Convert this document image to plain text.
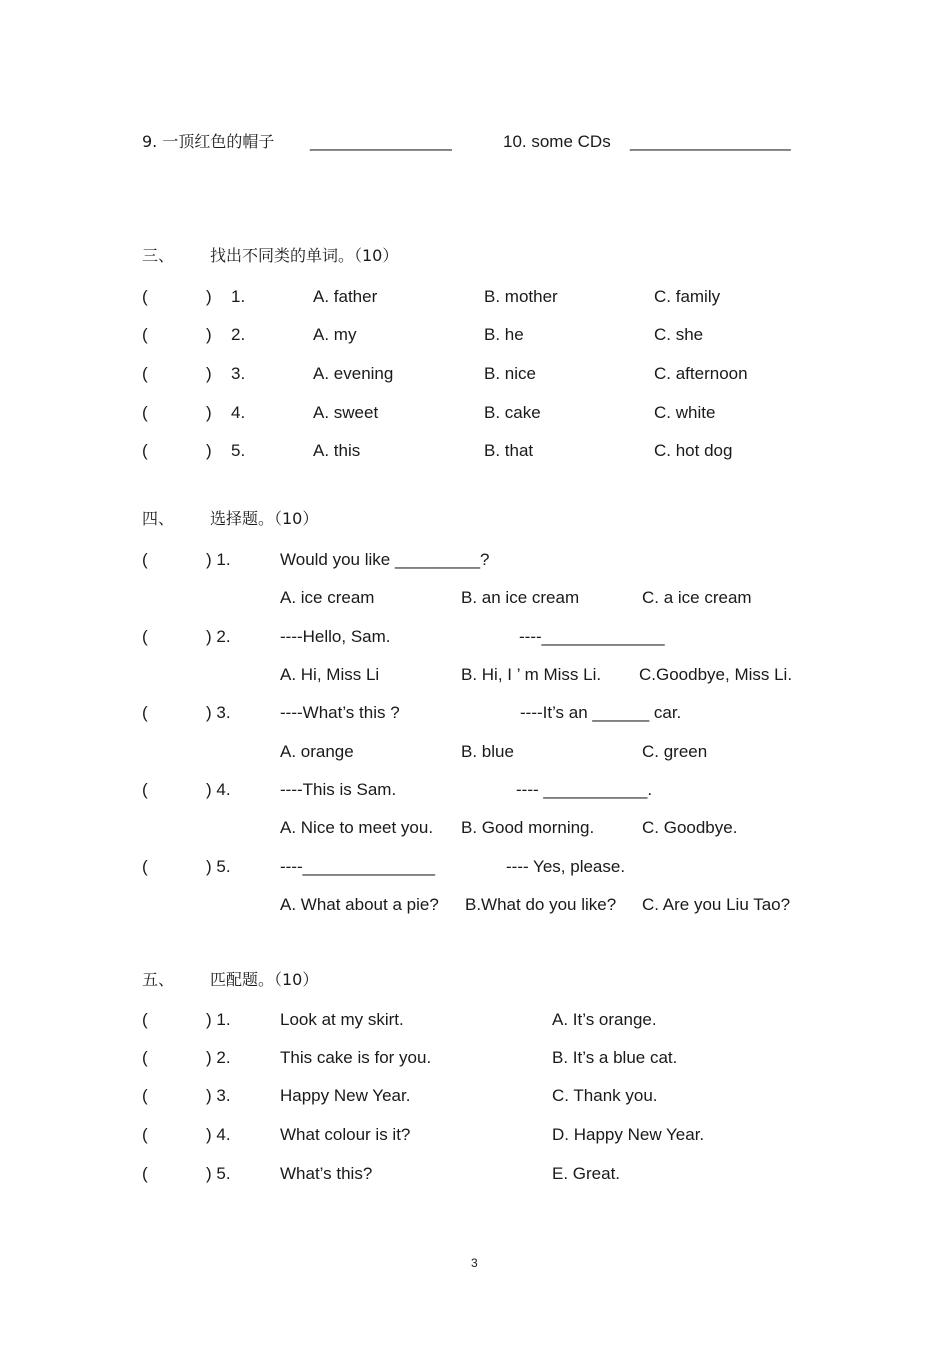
9. 一顶红色的帽子 _______________	10. some CDs _________________
三、 找出不同类的单词。（10）
(	) 1.	A. father	B. mother	C. family
(	) 2.	A. my	B. he	C. she
(	) 3.	A. evening	B. nice	C. afternoon
(	) 4.	A. sweet	B. cake	C. white
(	) 5.	A. this	B. that	C. hot dog
四、 选择题。（10）
(	) 1.	Would you like _________?
A. ice cream	B. an ice cream	C. a ice cream
(	) 2.	----Hello, Sam.	----_____________
A. Hi, Miss Li	B. Hi, I ’ m Miss Li. C.Goodbye, Miss Li.
(	) 3.	----What’s this ?	----It’s an ______ car.
A. orange	B. blue	C. green
(	) 4.	----This is Sam.	---- ___________.
A. Nice to meet you. B. Good morning.	C. Goodbye.
(	) 5.	----______________	---- Yes, please.
A. What about a pie? B.What do you like? C. Are you Liu Tao?
五、 匹配题。（10）
(	) 1.	Look at my skirt.	A. It’s orange.
(	) 2.	This cake is for you.	B. It’s a blue cat.
(	) 3.	Happy New Year.	C. Thank you.
(	) 4.	What colour is it?	D. Happy New Year.
(	) 5.	What’s this?	E. Great.
3
